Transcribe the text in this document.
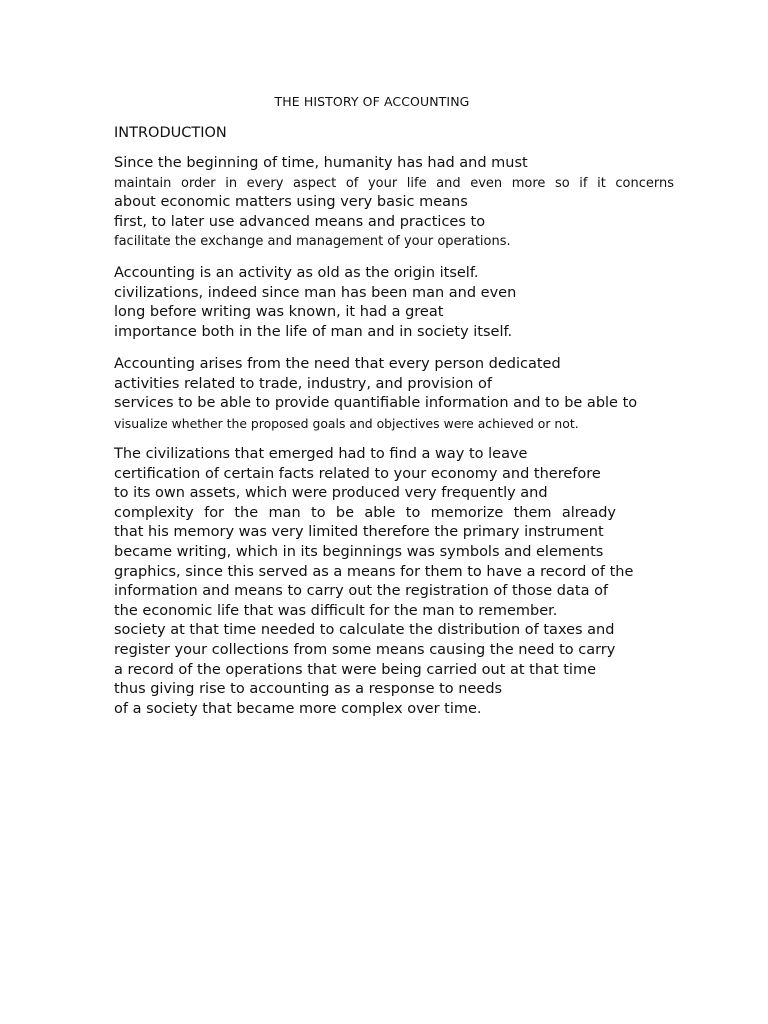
THE HISTORY OF ACCOUNTING
INTRODUCTION
Since the beginning of time, humanity has had and must
maintain order in every aspect of your life and even more so if it concerns
about economic matters using very basic means
first, to later use advanced means and practices to
facilitate the exchange and management of your operations.
Accounting is an activity as old as the origin itself.
civilizations, indeed since man has been man and even
long before writing was known, it had a great
importance both in the life of man and in society itself.
Accounting arises from the need that every person dedicated
activities related to trade, industry, and provision of
services to be able to provide quantifiable information and to be able to
visualize whether the proposed goals and objectives were achieved or not.
The civilizations that emerged had to find a way to leave
certification of certain facts related to your economy and therefore
to its own assets, which were produced very frequently and
complexity for the man to be able to memorize them already
that his memory was very limited therefore the primary instrument
became writing, which in its beginnings was symbols and elements
graphics, since this served as a means for them to have a record of the
information and means to carry out the registration of those data of
the economic life that was difficult for the man to remember.
society at that time needed to calculate the distribution of taxes and
register your collections from some means causing the need to carry
a record of the operations that were being carried out at that time
thus giving rise to accounting as a response to needs
of a society that became more complex over time.
